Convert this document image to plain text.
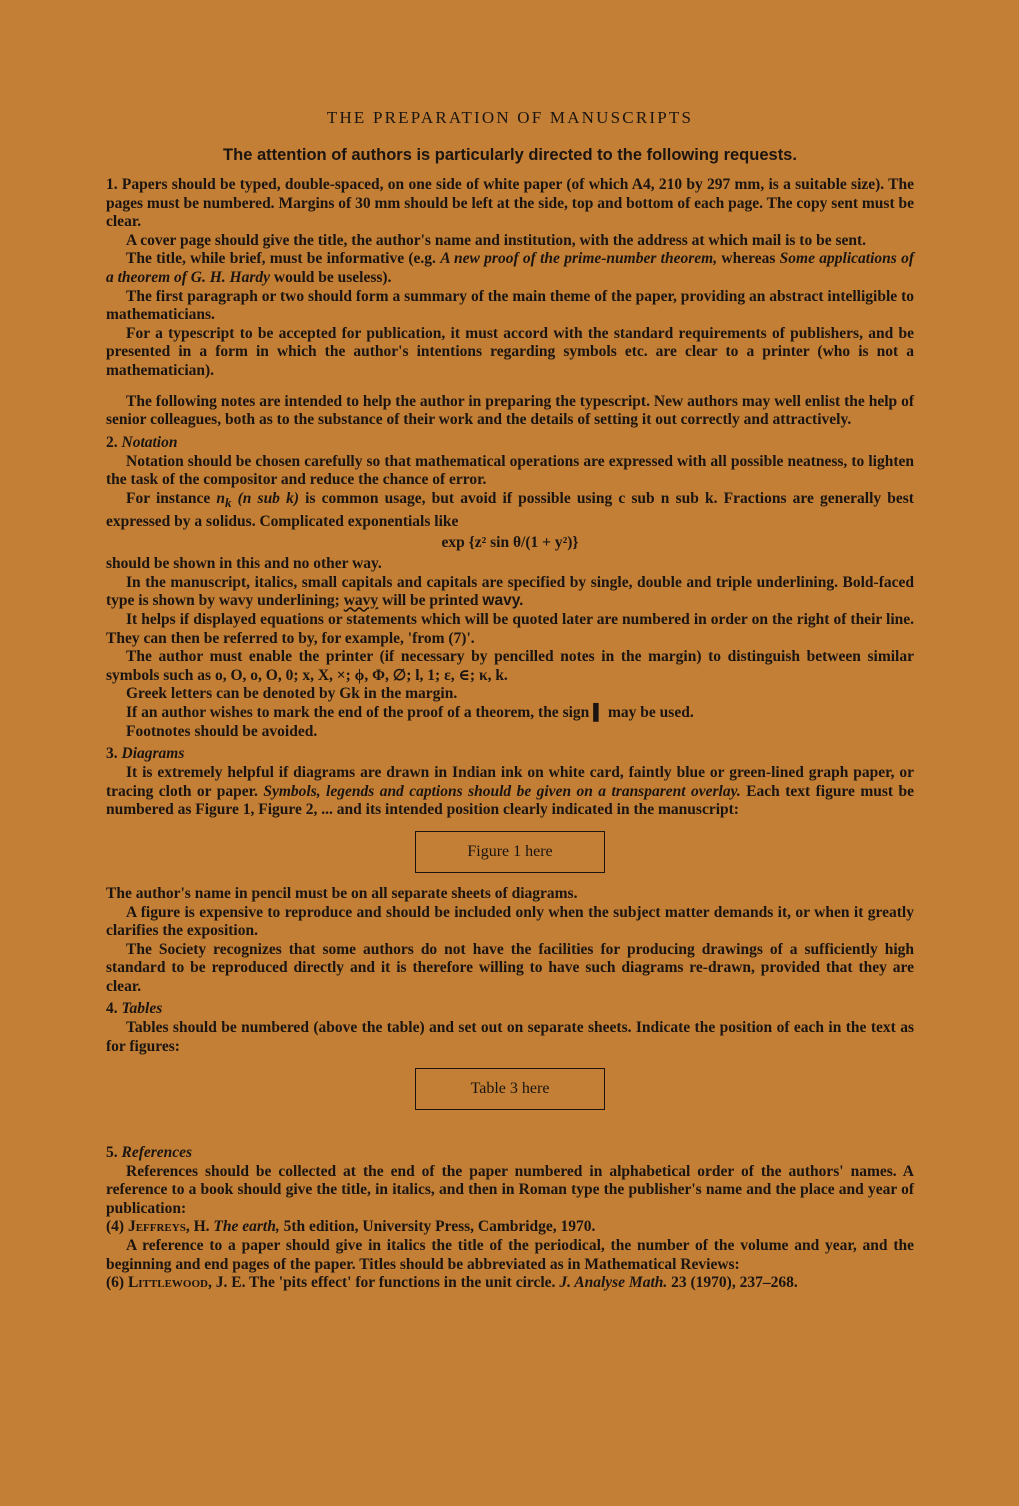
THE PREPARATION OF MANUSCRIPTS
The attention of authors is particularly directed to the following requests.

1. Papers should be typed, double-spaced, on one side of white paper (of which A4, 210 by 297 mm, is a suitable size). The pages must be numbered. Margins of 30 mm should be left at the side, top and bottom of each page. The copy sent must be clear.

A cover page should give the title, the author's name and institution, with the address at which mail is to be sent.

The title, while brief, must be informative (e.g. A new proof of the prime-number theorem, whereas Some applications of a theorem of G. H. Hardy would be useless).

The first paragraph or two should form a summary of the main theme of the paper, providing an abstract intelligible to mathematicians.

For a typescript to be accepted for publication, it must accord with the standard requirements of publishers, and be presented in a form in which the author's intentions regarding symbols etc. are clear to a printer (who is not a mathematician).

The following notes are intended to help the author in preparing the typescript. New authors may well enlist the help of senior colleagues, both as to the substance of their work and the details of setting it out correctly and attractively.

2. Notation

Notation should be chosen carefully so that mathematical operations are expressed with all possible neatness, to lighten the task of the compositor and reduce the chance of error.

For instance $n_k$ (n sub k) is common usage, but avoid if possible using c sub n sub k. Fractions are generally best expressed by a solidus. Complicated exponentials like

exp {z² sin θ/(1 + y²)}

should be shown in this and no other way.

In the manuscript, italics, small capitals and capitals are specified by single, double and triple underlining. Bold-faced type is shown by wavy underlining; wavy will be printed wavy.

It helps if displayed equations or statements which will be quoted later are numbered in order on the right of their line. They can then be referred to by, for example, 'from (7)'.

The author must enable the printer (if necessary by pencilled notes in the margin) to distinguish between similar symbols such as o, O, o, O, 0; x, X, ×; ϕ, Φ, ∅; l, 1; ε, ∈; κ, k.

Greek letters can be denoted by Gk in the margin.

If an author wishes to mark the end of the proof of a theorem, the sign ▌ may be used.

Footnotes should be avoided.

3. Diagrams

It is extremely helpful if diagrams are drawn in Indian ink on white card, faintly blue or green-lined graph paper, or tracing cloth or paper. Symbols, legends and captions should be given on a transparent overlay. Each text figure must be numbered as Figure 1, Figure 2, ... and its intended position clearly indicated in the manuscript:

Figure 1 here

The author's name in pencil must be on all separate sheets of diagrams.

A figure is expensive to reproduce and should be included only when the subject matter demands it, or when it greatly clarifies the exposition.

The Society recognizes that some authors do not have the facilities for producing drawings of a sufficiently high standard to be reproduced directly and it is therefore willing to have such diagrams re-drawn, provided that they are clear.

4. Tables

Tables should be numbered (above the table) and set out on separate sheets. Indicate the position of each in the text as for figures:

Table 3 here
5. References

References should be collected at the end of the paper numbered in alphabetical order of the authors' names. A reference to a book should give the title, in italics, and then in Roman type the publisher's name and the place and year of publication:

(4) Jeffreys, H. The earth, 5th edition, University Press, Cambridge, 1970.

A reference to a paper should give in italics the title of the periodical, the number of the volume and year, and the beginning and end pages of the paper. Titles should be abbreviated as in Mathematical Reviews:

(6) Littlewood, J. E. The 'pits effect' for functions in the unit circle. J. Analyse Math. 23 (1970), 237–268.
